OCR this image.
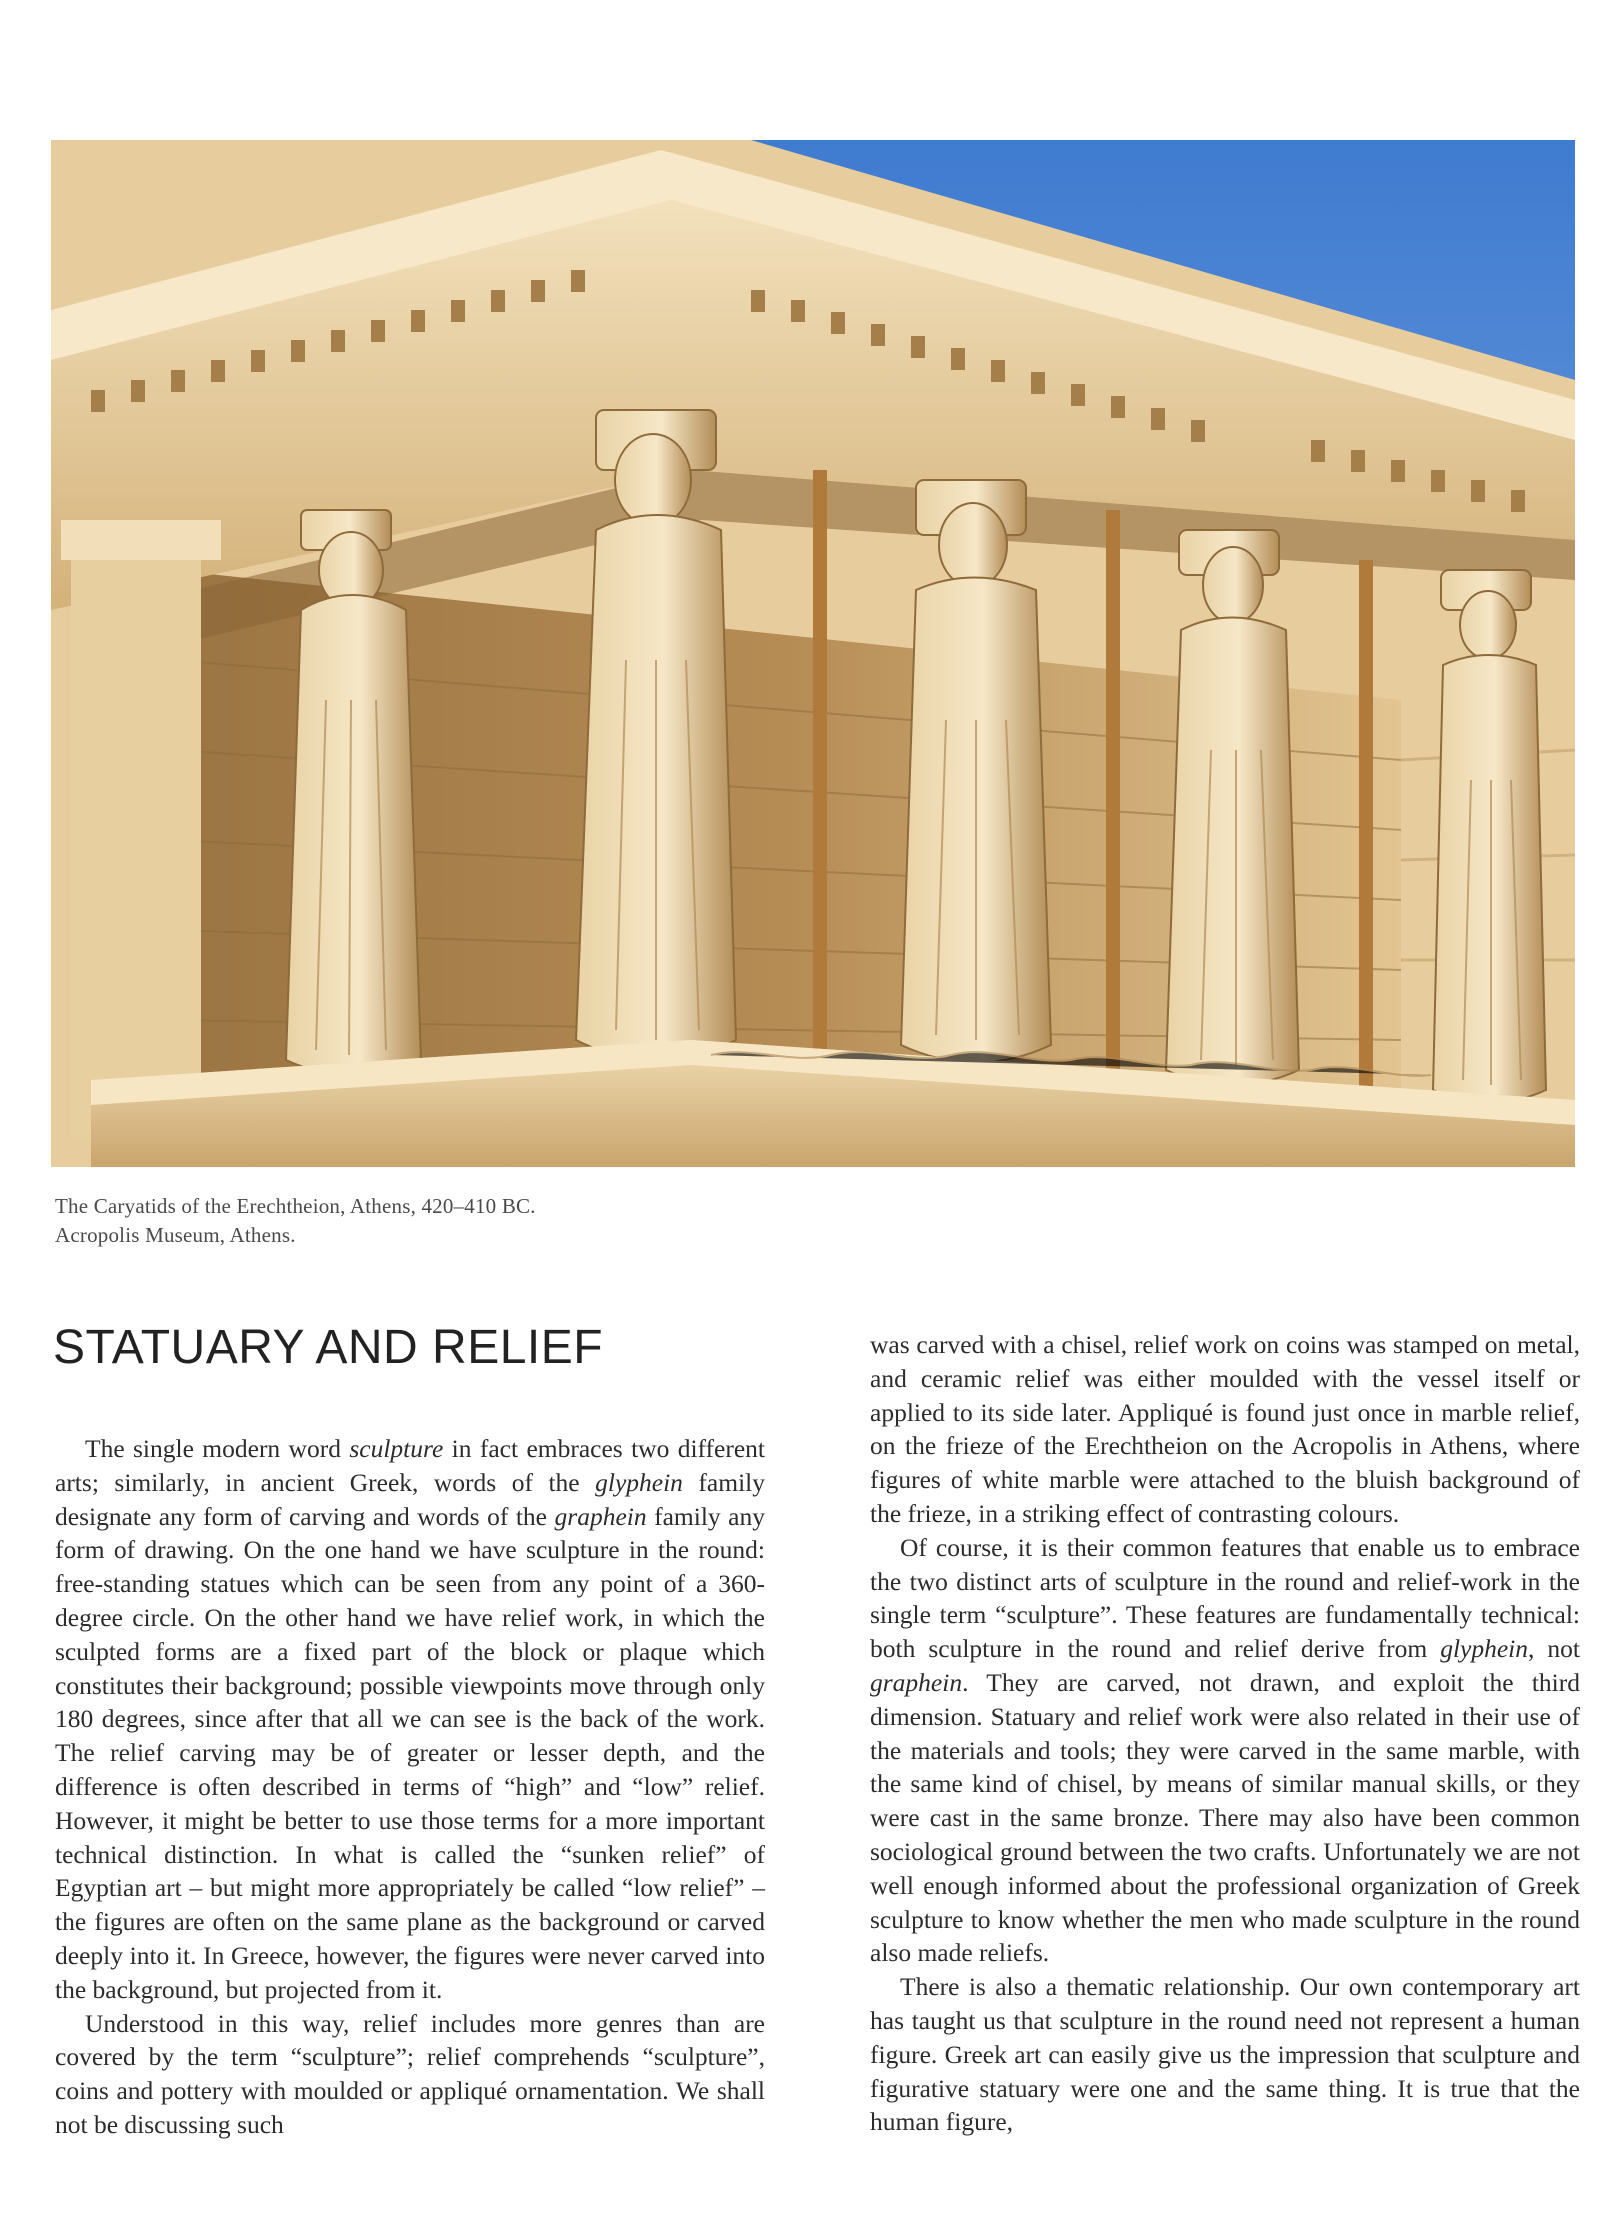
The Caryatids of the Erechtheion, Athens, 420–410 BC.
Acropolis Museum, Athens.
STATUARY AND RELIEF

The single modern word sculpture in fact embraces two different arts; similarly, in ancient Greek, words of the glyphein family designate any form of carving and words of the graphein family any form of drawing. On the one hand we have sculpture in the round: free-standing statues which can be seen from any point of a 360-degree circle. On the other hand we have relief work, in which the sculpted forms are a fixed part of the block or plaque which constitutes their background; possible viewpoints move through only 180 degrees, since after that all we can see is the back of the work. The relief carving may be of greater or lesser depth, and the difference is often described in terms of “high” and “low” relief. However, it might be better to use those terms for a more important technical distinction. In what is called the “sunken relief” of Egyptian art – but might more appropriately be called “low relief” – the figures are often on the same plane as the background or carved deeply into it. In Greece, however, the figures were never carved into the background, but projected from it.

Understood in this way, relief includes more genres than are covered by the term “sculpture”; relief comprehends “sculpture”, coins and pottery with moulded or appliqué ornamentation. We shall not be discussing such

was carved with a chisel, relief work on coins was stamped on metal, and ceramic relief was either moulded with the vessel itself or applied to its side later. Appliqué is found just once in marble relief, on the frieze of the Erechtheion on the Acropolis in Athens, where figures of white marble were attached to the bluish background of the frieze, in a striking effect of contrasting colours.

Of course, it is their common features that enable us to embrace the two distinct arts of sculpture in the round and relief-work in the single term “sculpture”. These features are fundamentally technical: both sculpture in the round and relief derive from glyphein, not graphein. They are carved, not drawn, and exploit the third dimension. Statuary and relief work were also related in their use of the materials and tools; they were carved in the same marble, with the same kind of chisel, by means of similar manual skills, or they were cast in the same bronze. There may also have been common sociological ground between the two crafts. Unfortunately we are not well enough informed about the professional organization of Greek sculpture to know whether the men who made sculpture in the round also made reliefs.

There is also a thematic relationship. Our own contemporary art has taught us that sculpture in the round need not represent a human figure. Greek art can easily give us the impression that sculpture and figurative statuary were one and the same thing. It is true that the human figure,
